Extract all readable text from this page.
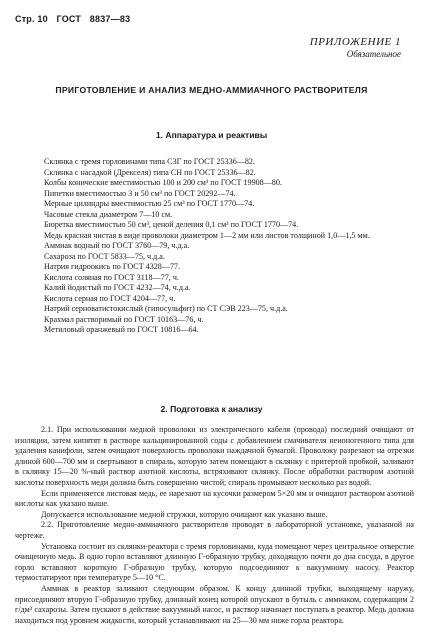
Стр. 10 ГОСТ 8837—83
ПРИЛОЖЕНИЕ 1
Обязательное
ПРИГОТОВЛЕНИЕ И АНАЛИЗ МЕДНО-АММИАЧНОГО РАСТВОРИТЕЛЯ
1. Аппаратура и реактивы
Склянка с тремя горловинами типа СЗГ по ГОСТ 25336—82.
Склянка с насадкой (Дрекселя) типа СН по ГОСТ 25336—82.
Колбы конические вместимостью 100 и 200 см³ по ГОСТ 19908—80.
Пипетки вместимостью 3 и 50 см³ по ГОСТ 20292—74.
Мерные цилиндры вместимостью 25 см³ по ГОСТ 1770—74.
Часовые стекла диаметром 7—10 см.
Бюретка вместимостью 50 см³, ценой деления 0,1 см³ по ГОСТ 1770—74.
Медь красная чистая в виде проволоки диаметром 1—2 мм или листов толщиной 1,0—1,5 мм.
Аммиак водный по ГОСТ 3760—79, ч.д.а.
Сахароза по ГОСТ 5833—75, ч.д.а.
Натрия гидроокись по ГОСТ 4328—77.
Кислота соляная по ГОСТ 3118—77, ч.
Калий йодистый по ГОСТ 4232—74, ч.д.а.
Кислота серная по ГОСТ 4204—77, ч.
Натрий серноватистокислый (гипосульфит) по СТ СЭВ 223—75, ч.д.а.
Крахмал растворимый по ГОСТ 10163—76, ч.
Метиловый оранжевый по ГОСТ 10816—64.
2. Подготовка к анализу

2.1. При использовании медной проволоки из электрического кабеля (провода) последний очищают от изоляции, затем кипятят в растворе кальцинированной соды с добавлением смачивателя неионогенного типа для удаления канифоли, затем очищают поверхность проволоки наждачной бумагой. Проволоку разрезают на отрезки длиной 600—700 мм и свертывают в спираль, которую затем помещают в склянку с притертой пробкой, заливают в склянку 15—20 %-ный раствор азотной кислоты, встряхивают склянку. После обработки раствором азотной кислоты поверхность меди должна быть совершенно чистой; спираль промывают несколько раз водой.

Если применяется листовая медь, ее нарезают на кусочки размером 5×20 мм и очищают раствором азотной кислоты как указано выше.

Допускается использование медной стружки, которую очищают как указано выше.

2.2. Приготовление медно-аммиачного растворителя проводят в лабораторной установке, указанной на чертеже.

Установка состоит из склянки-реактора с тремя горловинами, куда помещают через центральное отверстие очищенную медь. В одно горло вставляют длинную Г-образную трубку, доходящую почти до дна сосуда, в другое горло вставляют короткую Г-образную трубку, которую подсоединяют к вакуумному насосу. Реактор термостатируют при температуре 5—10 °С.

Аммиак в реактор заливают следующим образом. К концу длинной трубки, выходящему наружу, присоединяют вторую Г-образную трубку, длинный конец которой опускают в бутыль с аммиаком, содержащим 2 г/дм³ сахарозы. Затем пускают в действие вакуумный насос, и раствор начинает поступать в реактор. Медь должна находиться под уровнем жидкости, который устанавливают на 25—30 мм ниже горла реактора.
